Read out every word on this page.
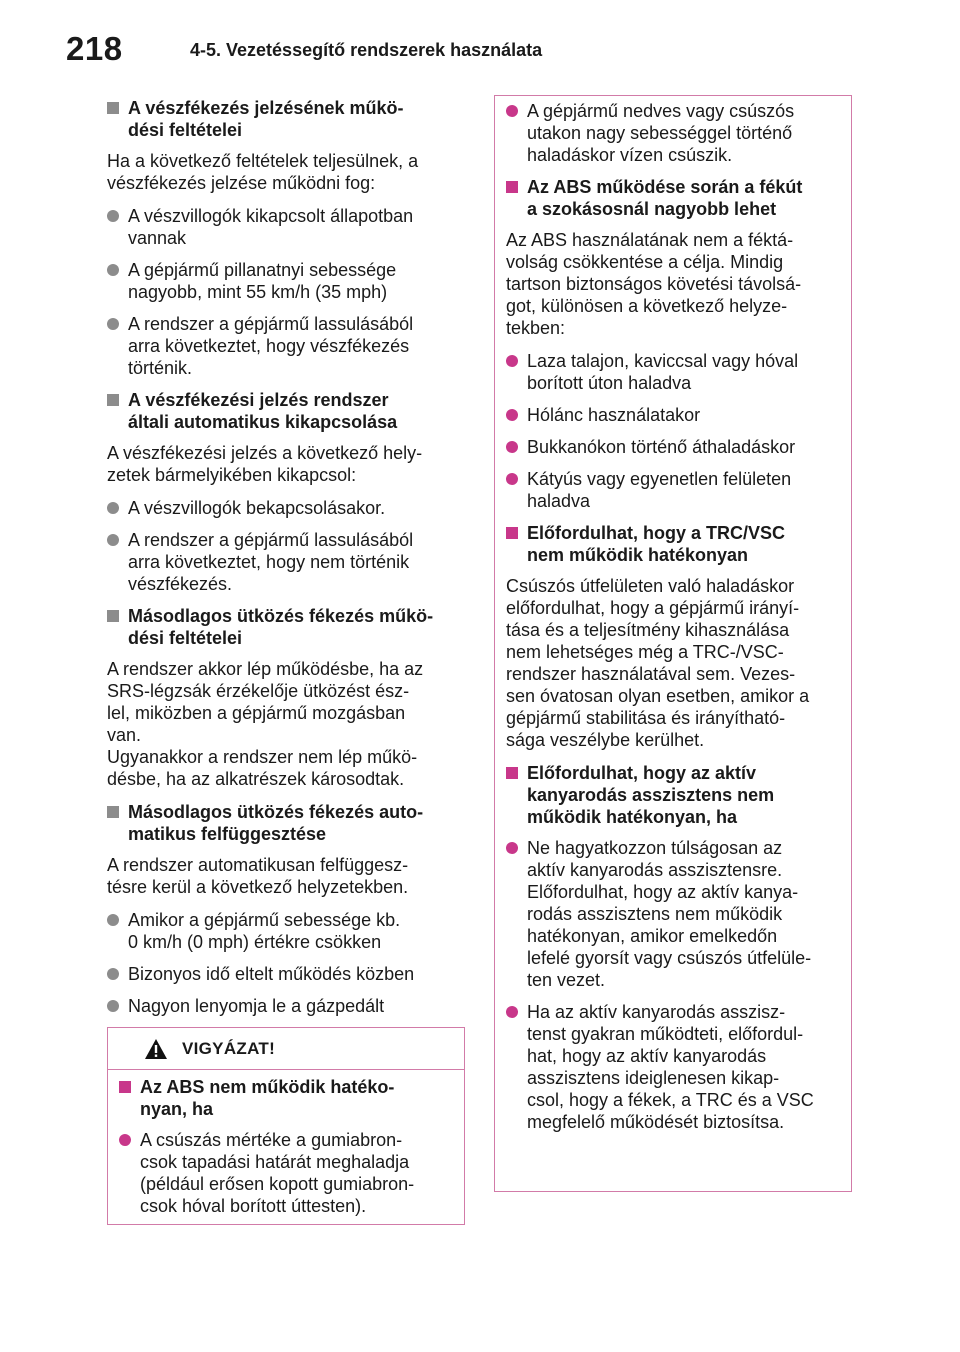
218	4-5. Vezetéssegítő rendszerek használata
A vészfékezés jelzésének műkö-
dési feltételei
Ha a következő feltételek teljesülnek, a
vészfékezés jelzése működni fog:
A vészvillogók kikapcsolt állapotban
vannak
A gépjármű pillanatnyi sebessége
nagyobb, mint 55 km/h (35 mph)
A rendszer a gépjármű lassulásából
arra következtet, hogy vészfékezés
történik.
A vészfékezési jelzés rendszer
általi automatikus kikapcsolása
A vészfékezési jelzés a következő hely-
zetek bármelyikében kikapcsol:
A vészvillogók bekapcsolásakor.
A rendszer a gépjármű lassulásából
arra következtet, hogy nem történik
vészfékezés.
Másodlagos ütközés fékezés műkö-
dési feltételei
A rendszer akkor lép működésbe, ha az
SRS-légzsák érzékelője ütközést ész-
lel, miközben a gépjármű mozgásban
van.
Ugyanakkor a rendszer nem lép műkö-
désbe, ha az alkatrészek károsodtak.
Másodlagos ütközés fékezés auto-
matikus felfüggesztése
A rendszer automatikusan felfüggesz-
tésre kerül a következő helyzetekben.
Amikor a gépjármű sebessége kb.
0 km/h (0 mph) értékre csökken
Bizonyos idő eltelt működés közben
Nagyon lenyomja le a gázpedált
VIGYÁZAT!
Az ABS nem működik hatéko-
nyan, ha
A csúszás mértéke a gumiabron-
csok tapadási határát meghaladja
(például erősen kopott gumiabron-
csok hóval borított úttesten).
A gépjármű nedves vagy csúszós
utakon nagy sebességgel történő
haladáskor vízen csúszik.
Az ABS működése során a fékút
a szokásosnál nagyobb lehet
Az ABS használatának nem a féktá-
volság csökkentése a célja. Mindig
tartson biztonságos követési távolsá-
got, különösen a következő helyze-
tekben:
Laza talajon, kaviccsal vagy hóval
borított úton haladva
Hólánc használatakor
Bukkanókon történő áthaladáskor
Kátyús vagy egyenetlen felületen
haladva
Előfordulhat, hogy a TRC/VSC
nem működik hatékonyan
Csúszós útfelületen való haladáskor
előfordulhat, hogy a gépjármű irányí-
tása és a teljesítmény kihasználása
nem lehetséges még a TRC-/VSC-
rendszer használatával sem. Vezes-
sen óvatosan olyan esetben, amikor a
gépjármű stabilitása és irányítható-
sága veszélybe kerülhet.
Előfordulhat, hogy az aktív
kanyarodás asszisztens nem
működik hatékonyan, ha
Ne hagyatkozzon túlságosan az
aktív kanyarodás asszisztensre.
Előfordulhat, hogy az aktív kanya-
rodás asszisztens nem működik
hatékonyan, amikor emelkedőn
lefelé gyorsít vagy csúszós útfelüle-
ten vezet.
Ha az aktív kanyarodás asszisz-
tenst gyakran működteti, előfordul-
hat, hogy az aktív kanyarodás
asszisztens ideiglenesen kikap-
csol, hogy a fékek, a TRC és a VSC
megfelelő működését biztosítsa.
